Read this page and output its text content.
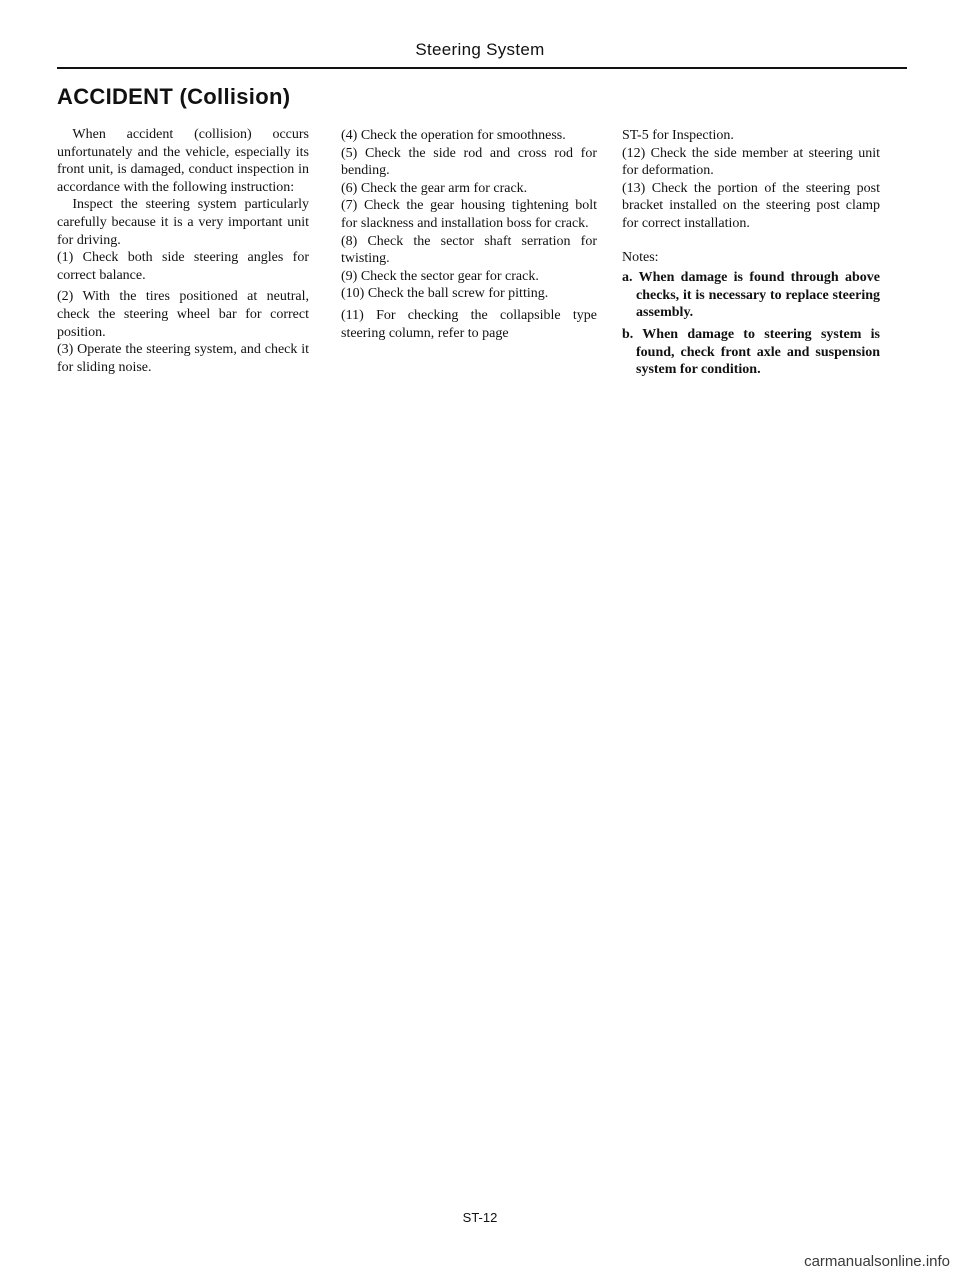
Steering System
ACCIDENT (Collision)

When accident (collision) occurs unfortunately and the vehicle, especially its front unit, is damaged, conduct inspection in accordance with the following instruction:

Inspect the steering system particularly carefully because it is a very important unit for driving.

(1) Check both side steering angles for correct balance.

(2) With the tires positioned at neutral, check the steering wheel bar for correct position.

(3) Operate the steering system, and check it for sliding noise.

(4) Check the operation for smoothness.

(5) Check the side rod and cross rod for bending.

(6) Check the gear arm for crack.

(7) Check the gear housing tightening bolt for slackness and installation boss for crack.

(8) Check the sector shaft serration for twisting.

(9) Check the sector gear for crack.

(10) Check the ball screw for pitting.

(11) For checking the collapsible type steering column, refer to page

ST-5 for Inspection.

(12) Check the side member at steering unit for deformation.

(13) Check the portion of the steering post bracket installed on the steering post clamp for correct installation.

Notes:

a. When damage is found through above checks, it is necessary to replace steering assembly.

b. When damage to steering system is found, check front axle and suspension system for condition.

ST-12
carmanualsonline.info
